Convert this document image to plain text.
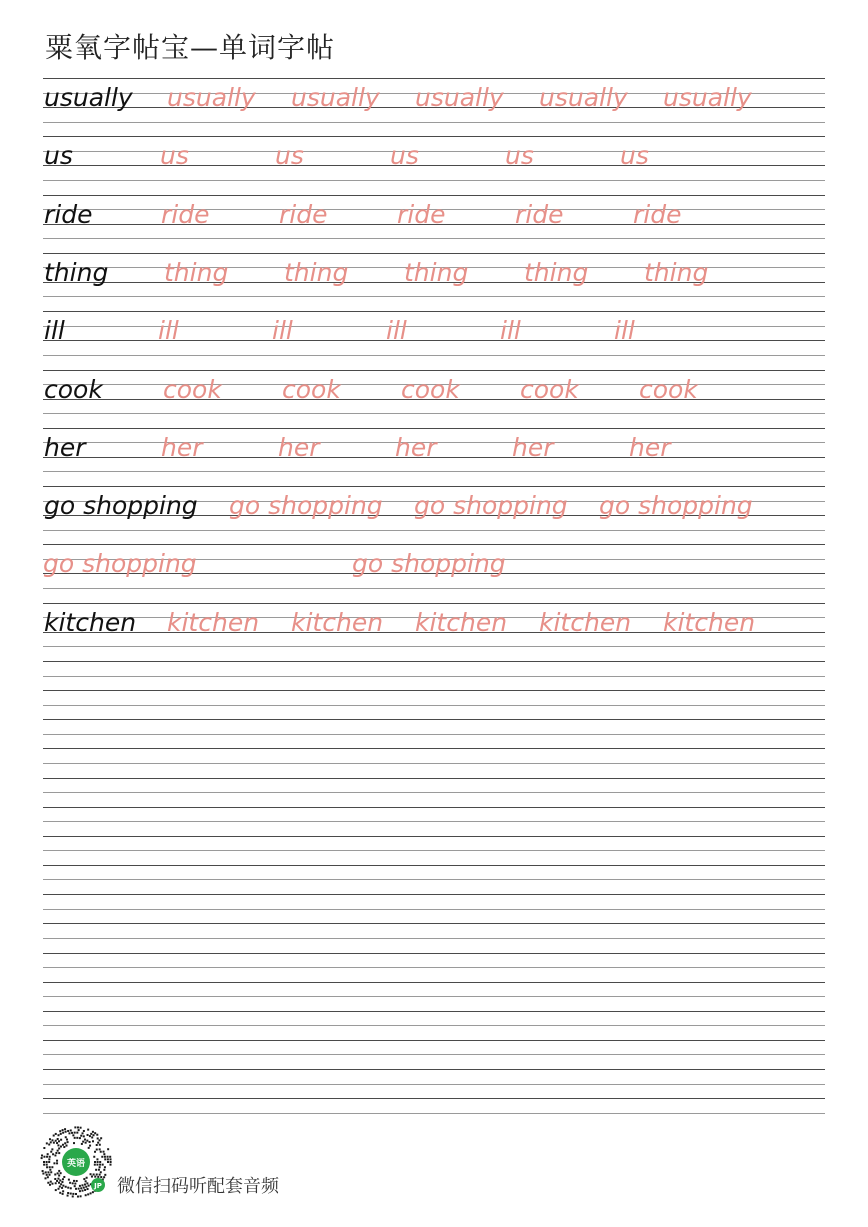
粟氧字帖宝—单词字帖
usually usually usually usually usually usually
us	us	us	us	us	us
ride	ride	ride	ride	ride	ride
thing thing thing thing thing thing
ill	ill	ill	ill	ill	ill
cook cook cook cook cook cook
her	her	her	her	her	her
go shopping go shopping go shopping go shopping
go shopping	go shopping
kitchen kitchen kitchen kitchen kitchen kitchen
英语
JP 微信扫码听配套音频
